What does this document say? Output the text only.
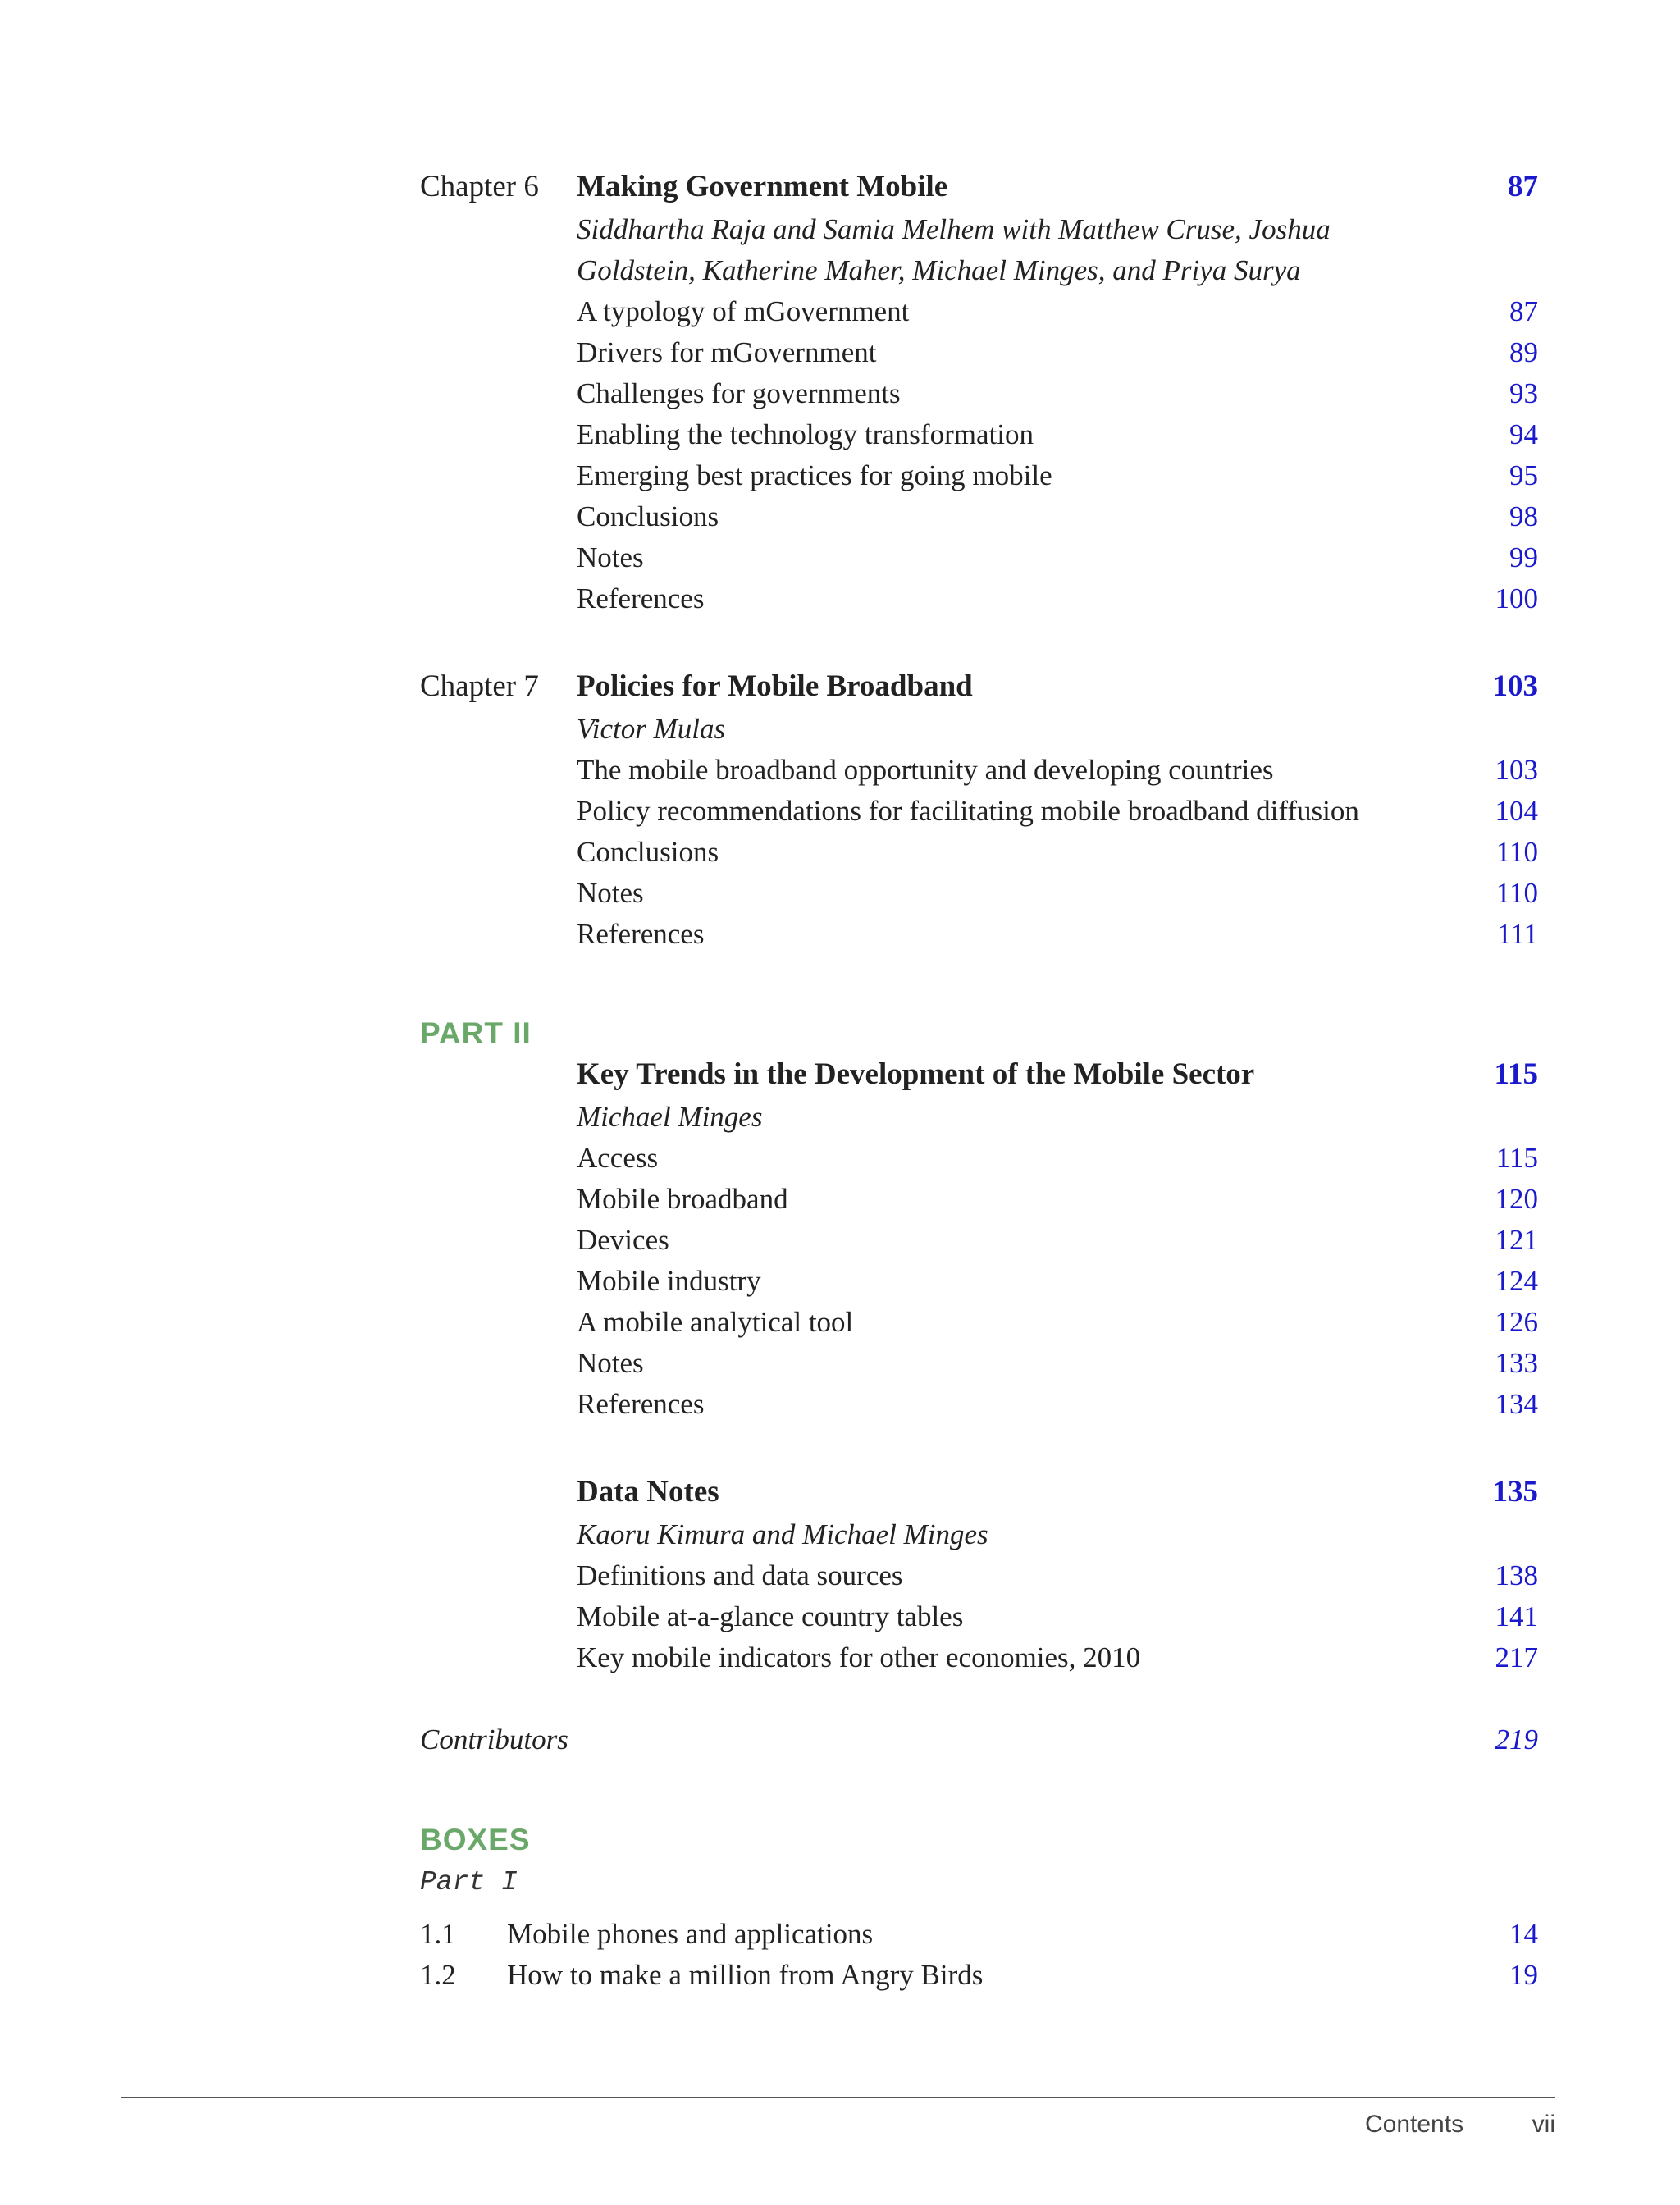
Chapter 6 Making Government Mobile	87
Siddhartha Raja and Samia Melhem with Matthew Cruse, Joshua
Goldstein, Katherine Maher, Michael Minges, and Priya Surya
A typology of mGovernment	87
Drivers for mGovernment	89
Challenges for governments	93
Enabling the technology transformation	94
Emerging best practices for going mobile	95
Conclusions	98
Notes	99
References	100
Chapter 7 Policies for Mobile Broadband	103
Victor Mulas
The mobile broadband opportunity and developing countries	103
Policy recommendations for facilitating mobile broadband diffusion	104
Conclusions	110
Notes	110
References	111
PART II
Key Trends in the Development of the Mobile Sector	115
Michael Minges
Access	115
Mobile broadband	120
Devices	121
Mobile industry	124
A mobile analytical tool	126
Notes	133
References	134
Data Notes	135
Kaoru Kimura and Michael Minges
Definitions and data sources	138
Mobile at-a-glance country tables	141
Key mobile indicators for other economies, 2010	217
Contributors	219
BOXES
Part I
1.1 Mobile phones and applications	14
1.2 How to make a million from Angry Birds	19
Contents	vii
